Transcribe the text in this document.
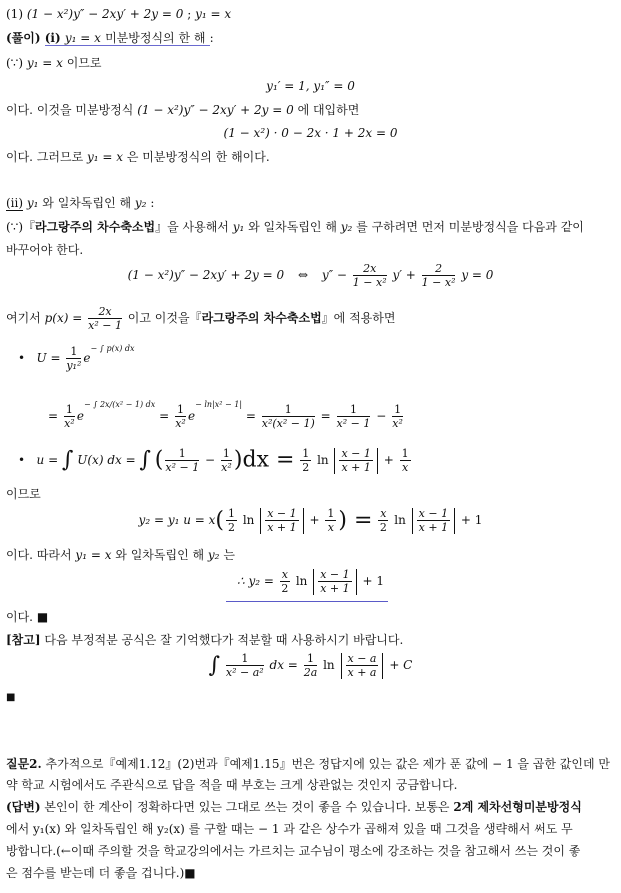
(1) (1 − x²)y″ − 2xy′ + 2y = 0 ; y₁ = x
(풀이) (i) y₁ = x 미분방정식의 한 해 :
(∵) y₁ = x 이므로
y₁′ = 1, y₁″ = 0
이다. 이것을 미분방정식 (1 − x²)y″ − 2xy′ + 2y = 0 에 대입하면
(1 − x²) · 0 − 2x · 1 + 2x = 0
이다. 그러므로 y₁ = x 은 미분방정식의 한 해이다.
(ii) y₁ 와 일차독립인 해 y₂ :
(∵)『라그랑주의 차수축소법』을 사용해서 y₁ 와 일차독립인 해 y₂ 를 구하려면 먼저 미분방정식을 다음과 같이
바꾸어야 한다.
(1 − x²)y″ − 2xy′ + 2y = 0 ⇔ $y'' - \frac{2x}{\text{1 − x²}} y' + \frac{2}{\text{1 − x²}}$ y = 0
여기서 $p(x) = \frac{2x}{\text{x² − 1}}$ 이고 이것을『라그랑주의 차수축소법』에 적용하면
• $U = \frac{1}{\text{y₁²}} e^{- \int p(x) dx}$
= $\frac{1}{\text{x²}} e^{- \int 2x/(x^2 - 1) dx} = \frac{1}{\text{x²}} e^{- ln|x^2 - 1|} = \frac{1}{\text{x²(x² − 1)}} = \frac{1}{\text{x² − 1}} - \frac{1}{\text{x²}}$
• u = ∫ U(x) dx = ∫ ( $\frac{1}{\text{x² − 1}} - \frac{1}{\text{x²}} )dx = \frac{1}{2}$ $\ln \frac{x - 1}{x + 1} + \frac{1}{x}$
이므로
y₂ = y₁ $u = x( \frac{1}{2}$ $\ln \frac{x - 1}{x + 1} + \frac{1}{x}$ ) = $\frac{x}{2}$ $\ln \frac{x - 1}{x + 1} + 1$
이다. 따라서 y₁ = x 와 일차독립인 해 y₂ 는
∴ $y_2 = \frac{x}{2}$ $\ln \frac{x - 1}{x + 1} + 1$
이다. ■
[참고] 다음 부정적분 공식은 잘 기억했다가 적분할 때 사용하시기 바랍니다.
∫ $\frac{1}{\text{x² − a²}}$ dx = $\frac{1}{2a}$ $\ln \frac{x - a}{x + a} + C$
■
질문2. 추가적으로『예제1.12』(2)번과『예제1.15』번은 정답지에 있는 값은 제가 푼 값에 − 1 을 곱한 값인데 만
약 학교 시험에서도 주관식으로 답을 적을 때 부호는 크게 상관없는 것인지 궁금합니다.
(답변) 본인이 한 계산이 정확하다면 있는 그대로 쓰는 것이 좋을 수 있습니다. 보통은 2계 제차선형미분방정식
에서 y₁(x) 와 일차독립인 해 y₂(x) 를 구할 때는 − 1 과 같은 상수가 곱해져 있을 때 그것을 생략해서 써도 무
방합니다.(←이때 주의할 것을 학교강의에서는 가르치는 교수님이 평소에 강조하는 것을 참고해서 쓰는 것이 좋
은 점수를 받는데 더 좋을 겁니다.)■
